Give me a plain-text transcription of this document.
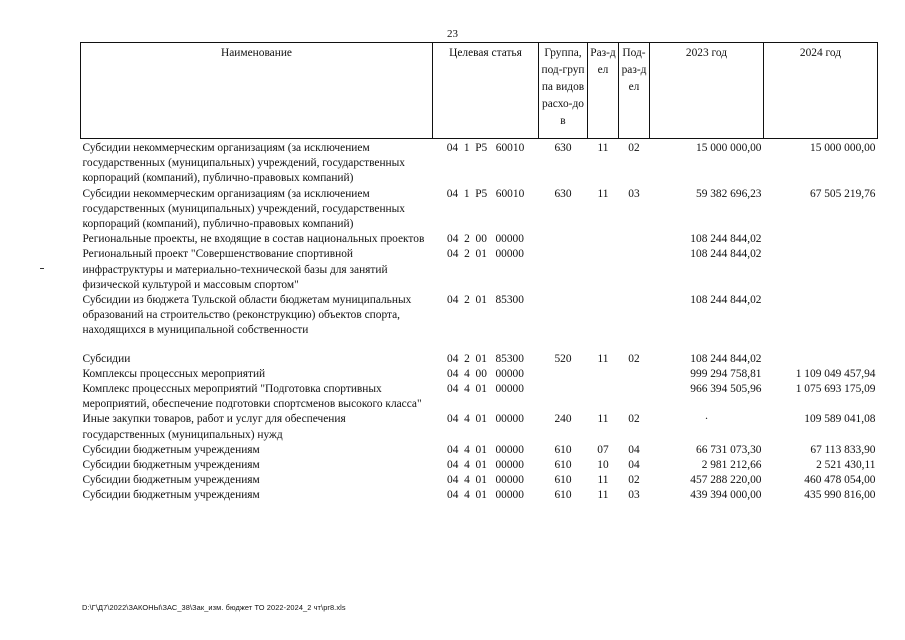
23
Наименование	Целевая статья	Группа, под-группа видов расхо-дов	Раз-дел	Под-раз-дел	2023 год	2024 год
Субсидии некоммерческим организациям (за исключением государственных (муниципальных) учреждений, государственных корпораций (компаний), публично-правовых компаний)	04  1  Р5   60010	630	11	02	15 000 000,00	15 000 000,00
Субсидии некоммерческим организациям (за исключением государственных (муниципальных) учреждений, государственных корпораций (компаний), публично-правовых компаний)	04  1  Р5   60010	630	11	03	59 382 696,23	67 505 219,76
Региональные проекты, не входящие в состав национальных проектов	04  2  00   00000				108 244 844,02	
Региональный проект "Совершенствование спортивной инфраструктуры и материально-технической базы для занятий физической культурой и массовым спортом"	04  2  01   00000				108 244 844,02	
Субсидии из бюджета Тульской области бюджетам муниципальных образований на строительство (реконструкцию) объектов спорта, находящихся в муниципальной собственности	04  2  01   85300				108 244 844,02	

Субсидии	04  2  01   85300	520	11	02	108 244 844,02	
Комплексы процессных мероприятий	04  4  00   00000				999 294 758,81	1 109 049 457,94
Комплекс процессных мероприятий "Подготовка спортивных мероприятий, обеспечение подготовки спортсменов высокого класса"	04  4  01   00000				966 394 505,96	1 075 693 175,09
Иные закупки товаров, работ и услуг для обеспечения государственных (муниципальных) нужд	04  4  01   00000	240	11	02	·	109 589 041,08
Субсидии бюджетным учреждениям	04  4  01   00000	610	07	04	66 731 073,30	67 113 833,90
Субсидии бюджетным учреждениям	04  4  01   00000	610	10	04	2 981 212,66	2 521 430,11
Субсидии бюджетным учреждениям	04  4  01   00000	610	11	02	457 288 220,00	460 478 054,00
Субсидии бюджетным учреждениям	04  4  01   00000	610	11	03	439 394 000,00	435 990 816,00
D:\Г\Д7\2022\ЗАКОНЫ\ЗАС_38\Зак_изм. бюджет ТО 2022-2024_2 чт\pr8.xls
